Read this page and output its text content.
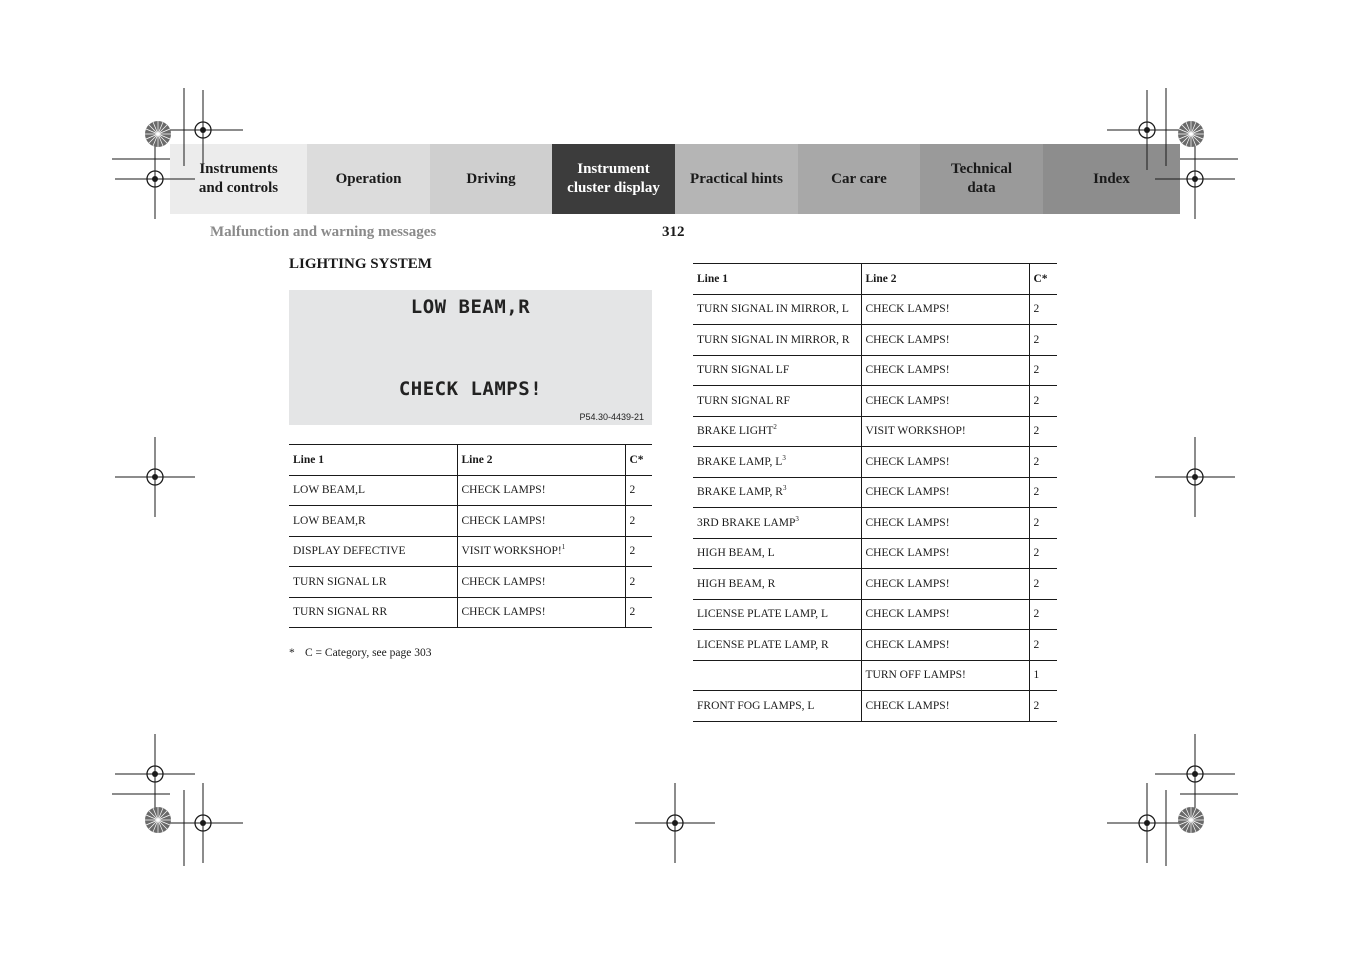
Instruments
and controls
Operation	Driving
Instrument
cluster display
Practical hints	Car care
Technical
data
Index
Malfunction and warning messages	312
LIGHTING SYSTEM
LOW BEAM,R
CHECK LAMPS!
P54.30-4439-21
Line 1	Line 2	C*
LOW BEAM,L	CHECK LAMPS!	2
LOW BEAM,R	CHECK LAMPS!	2
DISPLAY DEFECTIVE	VISIT WORKSHOP!$^1$	2
TURN SIGNAL LR	CHECK LAMPS!	2
TURN SIGNAL RR	CHECK LAMPS!	2
* C = Category, see page 303
Line 1	Line 2	C*
TURN SIGNAL IN MIRROR, L	CHECK LAMPS!	2
TURN SIGNAL IN MIRROR, R	CHECK LAMPS!	2
TURN SIGNAL LF	CHECK LAMPS!	2
TURN SIGNAL RF	CHECK LAMPS!	2
BRAKE LIGHT$^2$	VISIT WORKSHOP!	2
BRAKE LAMP, $L^3$	CHECK LAMPS!	2
BRAKE LAMP, $R^3$	CHECK LAMPS!	2
3RD BRAKE LAMP$^3$	CHECK LAMPS!	2
HIGH BEAM, L	CHECK LAMPS!	2
HIGH BEAM, R	CHECK LAMPS!	2
LICENSE PLATE LAMP, L	CHECK LAMPS!	2
LICENSE PLATE LAMP, R	CHECK LAMPS!	2
	TURN OFF LAMPS!	1
FRONT FOG LAMPS, L	CHECK LAMPS!	2
